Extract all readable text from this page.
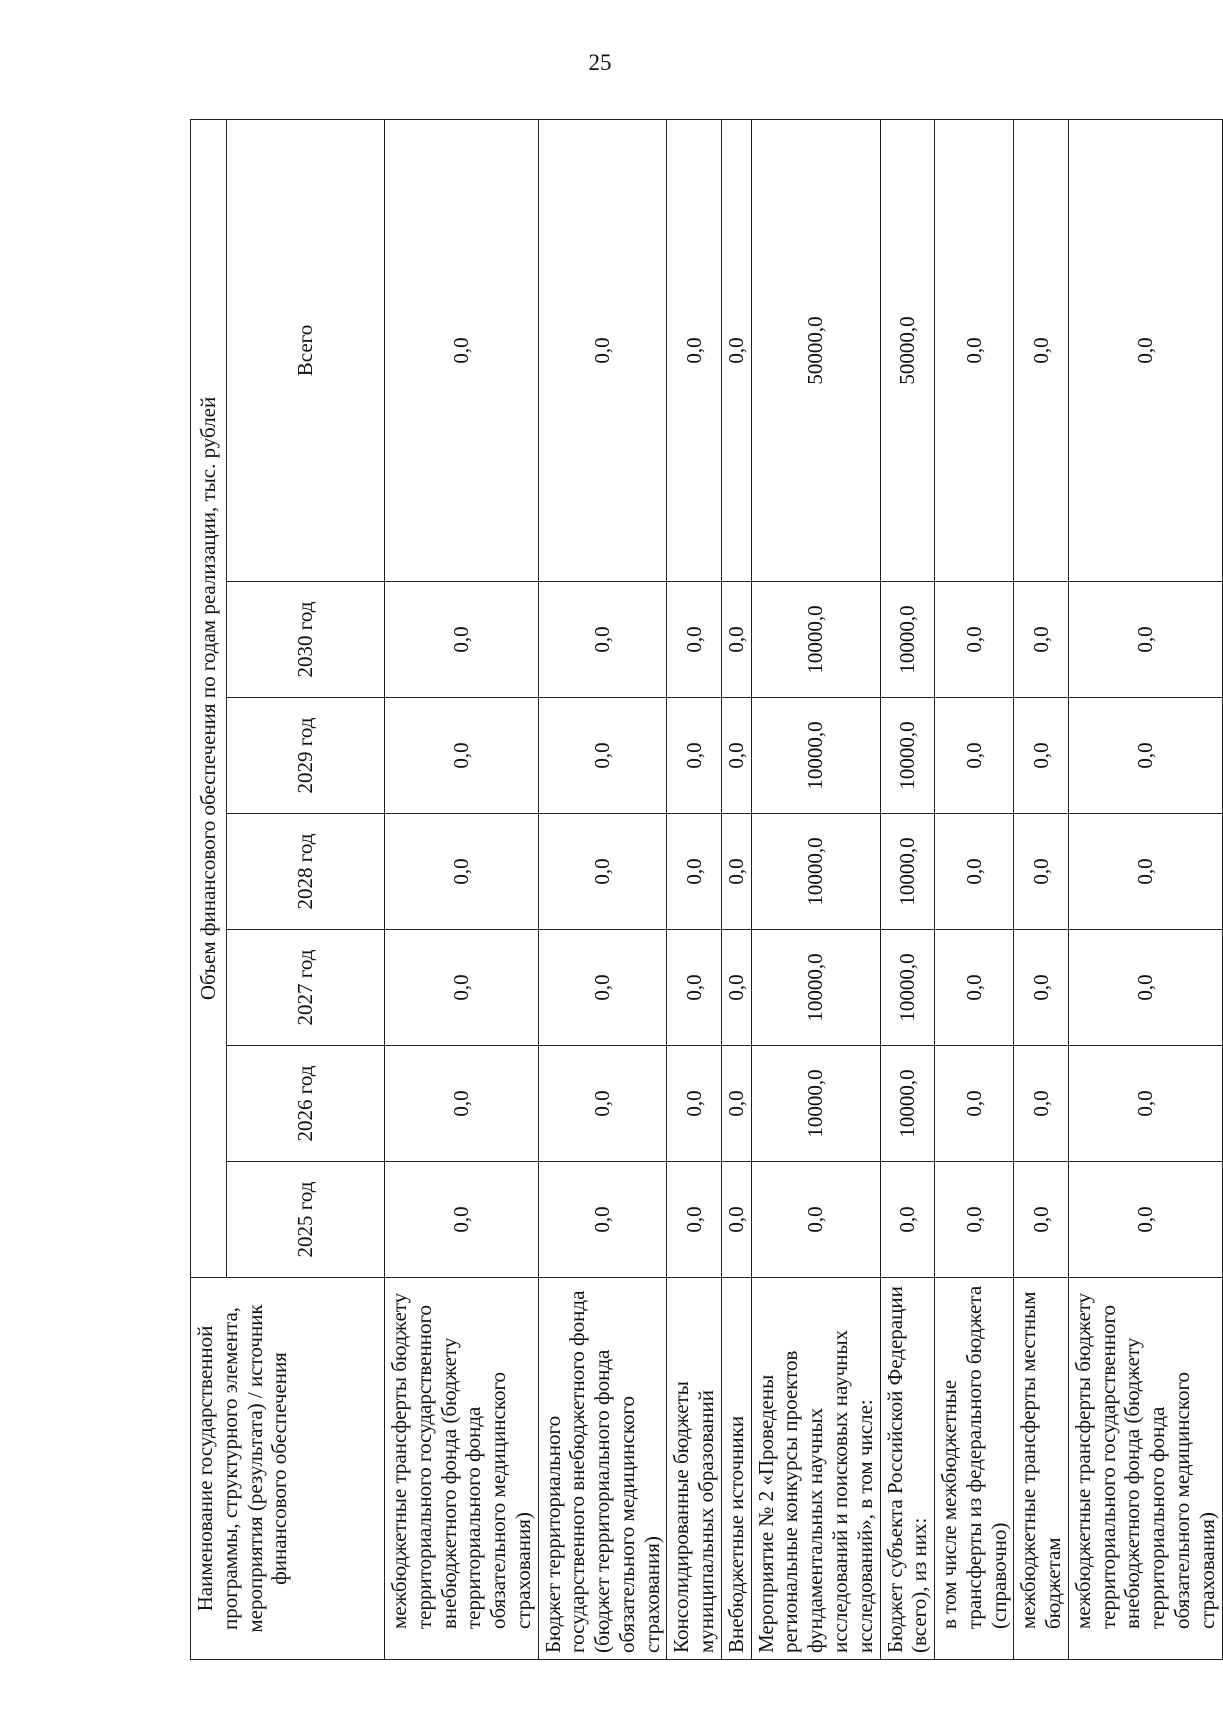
25
Наименование государственной программы, структурного элемента, мероприятия (результата) / источник финансового обеспечения	Объем финансового обеспечения по годам реализации, тыс. рублей						
	2025 год	2026 год	2027 год	2028 год	2029 год	2030 год	Всего
межбюджетные трансферты бюджету территориального государственного внебюджетного фонда (бюджету территориального фонда обязательного медицинского страхования)	0,0	0,0	0,0	0,0	0,0	0,0	0,0
Бюджет территориального государственного внебюджетного фонда (бюджет территориального фонда обязательного медицинского страхования)	0,0	0,0	0,0	0,0	0,0	0,0	0,0
Консолидированные бюджеты муниципальных образований	0,0	0,0	0,0	0,0	0,0	0,0	0,0
Внебюджетные источники	0,0	0,0	0,0	0,0	0,0	0,0	0,0
Мероприятие № 2 «Проведены региональные конкурсы проектов фундаментальных научных исследований и поисковых научных исследований», в том числе:	0,0	10000,0	10000,0	10000,0	10000,0	10000,0	50000,0
Бюджет субъекта Российской Федерации (всего), из них:	0,0	10000,0	10000,0	10000,0	10000,0	10000,0	50000,0
в том числе межбюджетные трансферты из федерального бюджета (справочно)	0,0	0,0	0,0	0,0	0,0	0,0	0,0
межбюджетные трансферты местным бюджетам	0,0	0,0	0,0	0,0	0,0	0,0	0,0
межбюджетные трансферты бюджету территориального государственного внебюджетного фонда (бюджету территориального фонда обязательного медицинского страхования)	0,0	0,0	0,0	0,0	0,0	0,0	0,0
